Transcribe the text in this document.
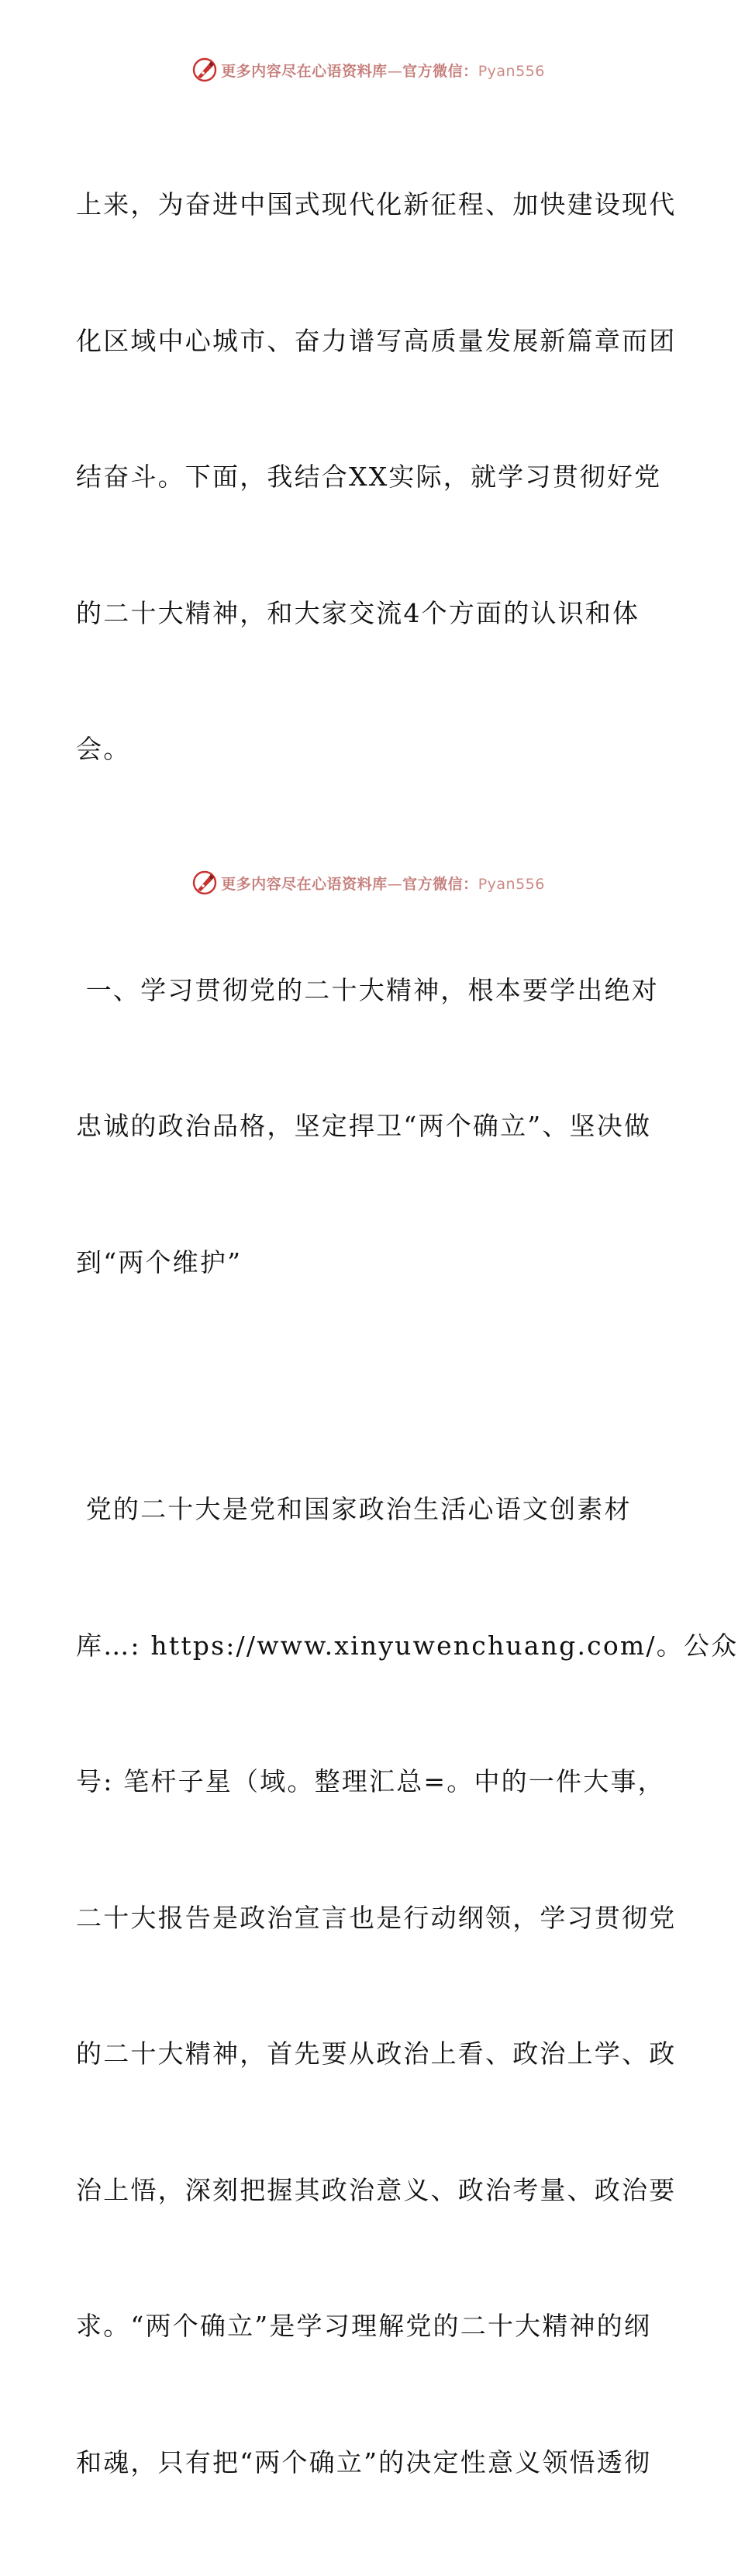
更多内容尽在心语资料库—官方微信：Pyan556

上来，为奋进中国式现代化新征程、加快建设现代

化区域中心城市、奋力谱写高质量发展新篇章而团

结奋斗。下面，我结合XX实际，就学习贯彻好党

的二十大精神，和大家交流4个方面的认识和体

会。

一、学习贯彻党的二十大精神，根本要学出绝对

忠诚的政治品格，坚定捍卫“两个确立”、坚决做

到“两个维护”

党的二十大是党和国家政治生活心语文创素材

库…: https://www.xinyuwenchuang.com/。公众

号: 笔杆子星（域。整理汇总=。中的一件大事，

二十大报告是政治宣言也是行动纲领，学习贯彻党

的二十大精神，首先要从政治上看、政治上学、政

治上悟，深刻把握其政治意义、政治考量、政治要

求。“两个确立”是学习理解党的二十大精神的纲

和魂，只有把“两个确立”的决定性意义领悟透彻

更多内容尽在心语资料库—官方微信：Pyan556
